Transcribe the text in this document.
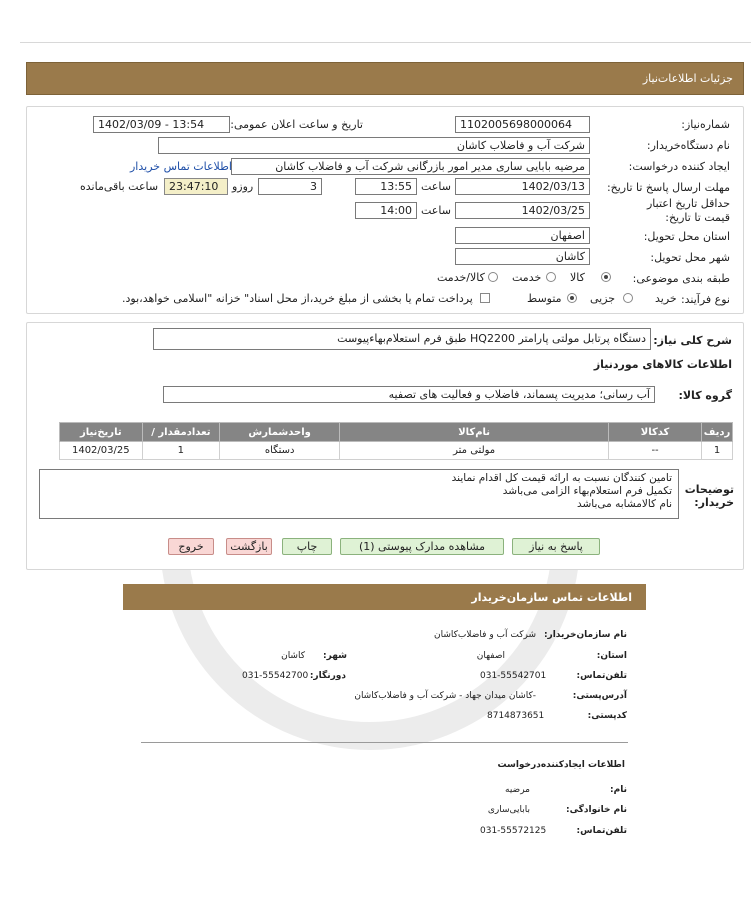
جزئیات اطلاعات‌نیاز
شماره‌نیاز:
1102005698000064
تاریخ و ساعت اعلان عمومی:
1402/03/09 - 13:54
نام دستگاه‌خریدار:
شرکت آب و فاضلاب کاشان
ایجاد کننده درخواست:
مرضیه بابایی ساری مدیر امور بازرگانی شرکت آب و فاضلاب کاشان
اطلاعات تماس خریدار
مهلت ارسال پاسخ تا تاریخ:
1402/03/13
ساعت
13:55
3
روزو
23:47:10
ساعت باقی‌مانده
حداقل تاریخ اعتبار قیمت تا تاریخ:
1402/03/25
ساعت
14:00
استان محل تحویل:
اصفهان
شهر محل تحویل:
کاشان
طبقه بندی موضوعی:
کالا
خدمت
کالا/خدمت
نوع فرآیند:
خرید
جزیی
متوسط
پرداخت تمام یا بخشی از مبلغ خرید،از محل اسناد" خزانه "اسلامی خواهد،بود.
شرح کلی نیاز:
دستگاه پرتابل مولتی پارامتر HQ2200 طبق فرم استعلام‌بهاء‌پیوست
اطلاعات کالاهای موردنیاز
گروه کالا:
آب رسانی؛ مدیریت پسماند، فاضلاب و فعالیت های تصفیه
تاریخ‌نیاز	/ تعدادمقدار	واحدشمارش	نام‌کالا	کدکالا	ردیف
1402/03/25	1	دستگاه	مولتی متر	--	1
توضیحات خریدار:
تامین کنندگان نسبت به ارائه قیمت کل اقدام نمایند
تکمیل فرم استعلام‌بهاء الزامی می‌باشد
نام کالامشابه می‌باشد
پاسخ به نیاز
مشاهده مدارک پیوستی (1)
چاپ
بازگشت
خروج
اطلاعات تماس سازمان‌خریدار
نام سازمان‌خریدار:
شرکت آب و فاضلاب‌کاشان
استان:
اصفهان
شهر:
کاشان
تلفن‌تماس:
031-55542701
دورنگار:
031-55542700
آدرس‌پستی:
-کاشان میدان جهاد - شرکت آب و فاضلاب‌کاشان
کدپستی:
8714873651
اطلاعات ایجادکننده‌درخواست
نام:
مرضیه
نام خانوادگی:
بابایی‌ساری
تلفن‌تماس:
031-55572125
